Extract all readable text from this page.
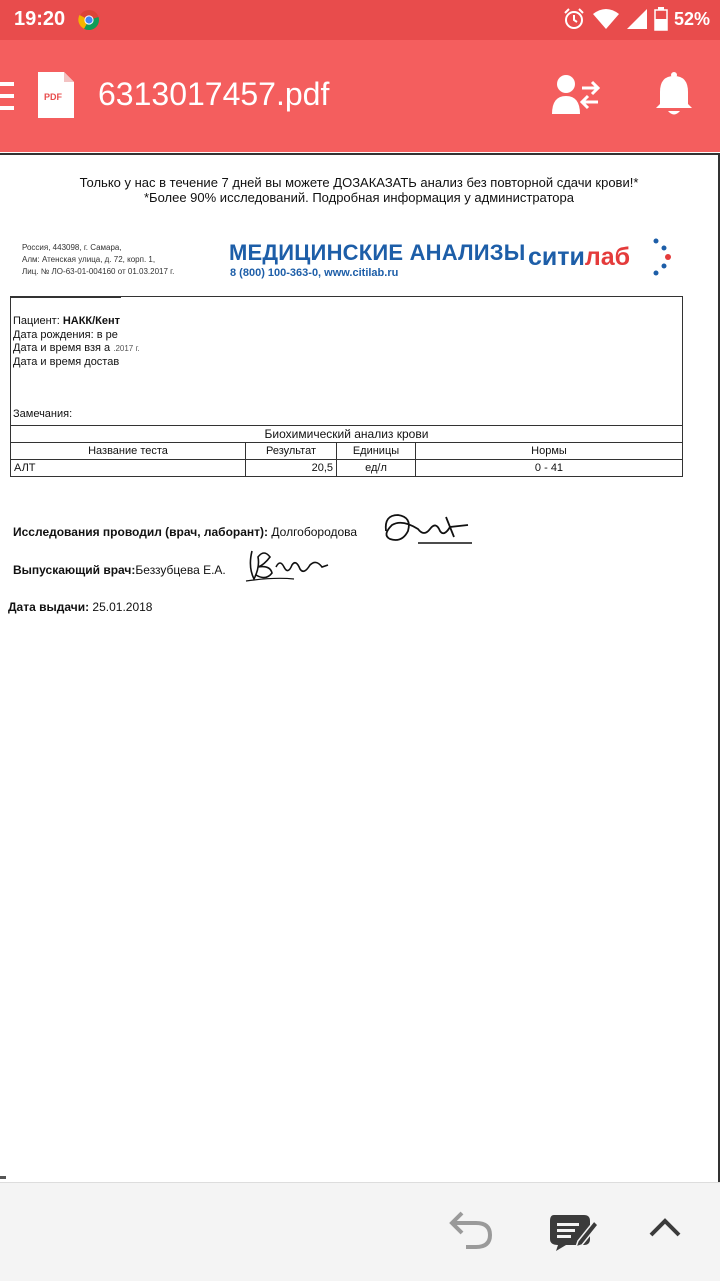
19:20	52%
PDF 6313017457.pdf
Только у нас в течение 7 дней вы можете ДОЗАКАЗАТЬ анализ без повторной сдачи крови!*
*Более 90% исследований. Подробная информация у администратора
Россия, 443098, г. Самара,
Алм: Атенская улица, д. 72, корп. 1,
Лиц. № ЛО-63-01-004160 от 01.03.2017 г.
МЕДИЦИНСКИЕ АНАЛИЗЫ
8 (800) 100-363-0, www.citilab.ru
ситилаб
Пациент: НАКК/Кент
Дата рождения: в ре
Дата и время взя а .2017 г.
Дата и время достав
Замечания:
Биохимический анализ крови			
Название теста	Результат	Единицы	Нормы
АЛТ	20,5	ед/л	0 - 41
Исследования проводил (врач, лаборант): Долгобородова
Выпускающий врач:Беззубцева Е.А.
Дата выдачи: 25.01.2018
